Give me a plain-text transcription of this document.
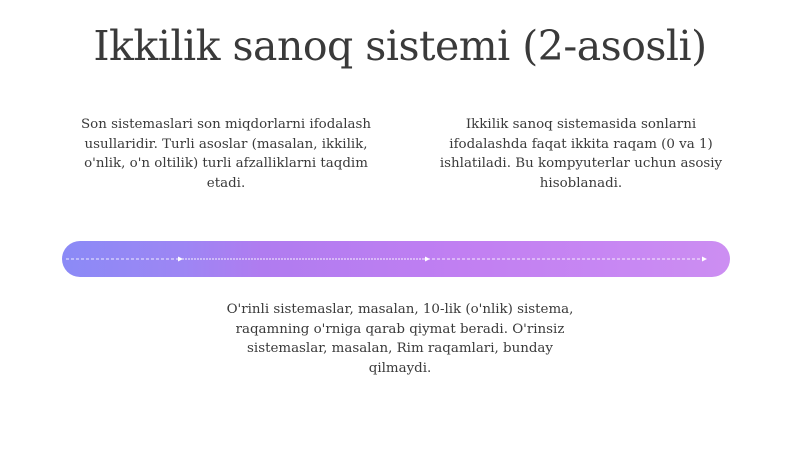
Ikkilik sanoq sistemi (2-asosli)
Son sistemaslari son miqdorlarni ifodalash usullaridir. Turli asoslar (masalan, ikkilik, o'nlik, o'n oltilik) turli afzalliklarni taqdim etadi.
Ikkilik sanoq sistemasida sonlarni ifodalashda faqat ikkita raqam (0 va 1) ishlatiladi. Bu kompyuterlar uchun asosiy hisoblanadi.
O'rinli sistemaslar, masalan, 10-lik (o'nlik) sistema, raqamning o'rniga qarab qiymat beradi. O'rinsiz sistemaslar, masalan, Rim raqamlari, bunday qilmaydi.
